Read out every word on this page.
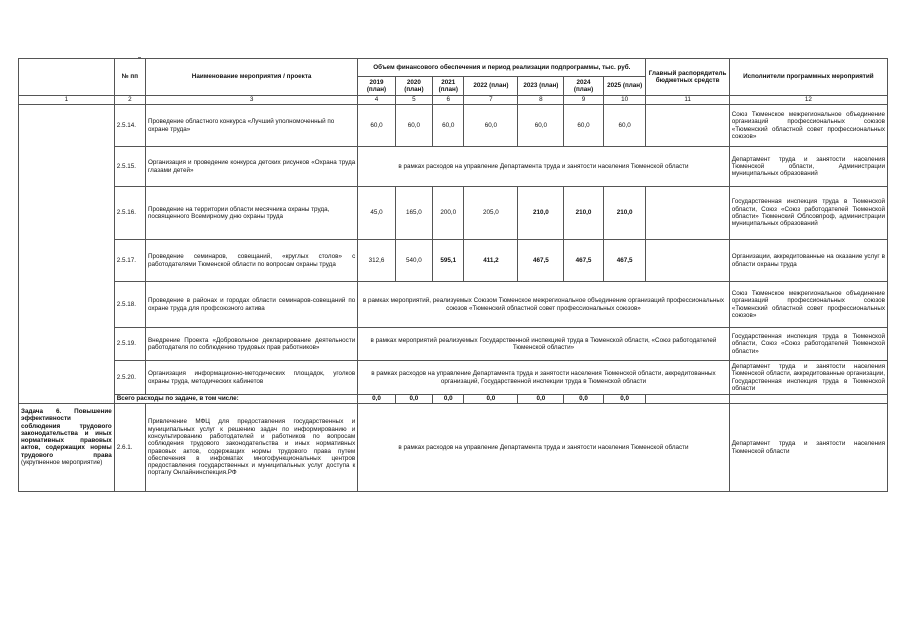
	№ пп	Наименование мероприятия / проекта	Объем финансового обеспечения и период реализации подпрограммы, тыс. руб.							Главный распорядитель бюджетных средств	Исполнители программных мероприятий
			2019 (план)	2020 (план)	2021 (план)	2022 (план)	2023 (план)	2024 (план)	2025 (план)		
1	2	3	4	5	6	7	8	9	10	11	12
	2.5.14.	Проведение областного конкурса «Лучший уполномоченный по охране труда»	60,0	60,0	60,0	60,0	60,0	60,0	60,0		Союз Тюменское межрегиональное объединение организаций профессиональных союзов «Тюменский областной совет профессиональных союзов»
	2.5.15.	Организация и проведение конкурса детских рисунков «Охрана труда глазами детей»	в рамках расходов на управление Департамента труда и занятости населения Тюменской области								Департамент труда и занятости населения Тюменской области, Администрации муниципальных образований
	2.5.16.	Проведение на территории области месячника охраны труда, посвященного Всемирному дню охраны труда	45,0	165,0	200,0	205,0	210,0	210,0	210,0		Государственная инспекция труда в Тюменской области, Союз «Союз работодателей Тюменской области» Тюменский Облсовпроф, администрации муниципальных образований
	2.5.17.	Проведение семинаров, совещаний, «круглых столов» с работодателями Тюменской области по вопросам охраны труда	312,6	540,0	595,1	411,2	467,5	467,5	467,5		Организации, аккредитованные на оказание услуг в области охраны труда
	2.5.18.	Проведение в районах и городах области семинаров-совещаний по охране труда для профсоюзного актива	в рамках мероприятий, реализуемых Союзом Тюменское межрегиональное объединение организаций профессиональных союзов «Тюменский областной совет профессиональных союзов»								Союз Тюменское межрегиональное объединение организаций профессиональных союзов «Тюменский областной совет профессиональных союзов»
	2.5.19.	Внедрение Проекта «Добровольное декларирование деятельности работодателя по соблюдению трудовых прав работников»	в рамках мероприятий реализуемых Государственной инспекцией труда в Тюменской области, «Союз работодателей Тюменской области»								Государственная инспекция труда в Тюменской области, Союз «Союз работодателей Тюменской области»
	2.5.20.	Организация информационно-методических площадок, уголков охраны труда, методических кабинетов	в рамках расходов на управление Департамента труда и занятости населения Тюменской области, аккредитованных организаций, Государственной инспекции труда в Тюменской области								Департамент труда и занятости населения Тюменской области, аккредитованные организации, Государственная инспекция труда в Тюменской области
	Всего расходы по задаче, в том числе:		0,0	0,0	0,0	0,0	0,0	0,0	0,0		
Задача 6. Повышение эффективности соблюдения трудового законодательства и иных нормативных правовых актов, содержащих нормы трудового права (укрупненное мероприятие)	2.6.1.	Привлечение МФЦ для предоставления государственных и муниципальных услуг к решению задач по информированию и консультированию работодателей и работников по вопросам соблюдения трудового законодательства и иных нормативных правовых актов, содержащих нормы трудового права путем обеспечения в инфоматах многофункциональных центров предоставления государственных и муниципальных услуг доступа к порталу Онлайнинспекция.РФ	в рамках расходов на управление Департамента труда и занятости населения Тюменской области								Департамент труда и занятости населения Тюменской области
